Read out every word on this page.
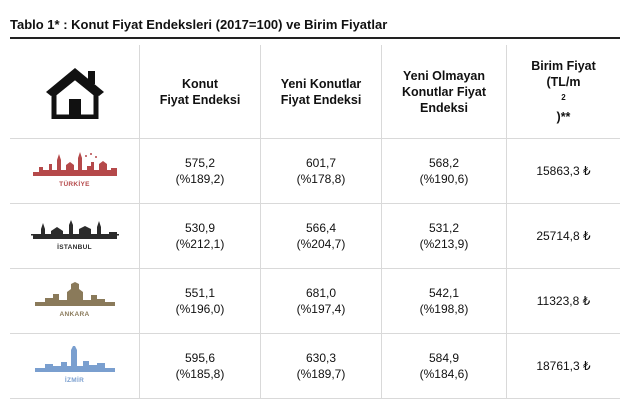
Tablo 1* : Konut Fiyat Endeksleri (2017=100) ve Birim Fiyatlar
Konut
Fiyat Endeksi
Yeni Konutlar
Fiyat Endeksi
Yeni Olmayan
Konutlar Fiyat
Endeksi
Birim Fiyat
(TL/m
$^2$
)**
TÜRKİYE
575,2
(%189,2)
601,7
(%178,8)
568,2
(%190,6)
15863,3 ₺
İSTANBUL
530,9
(%212,1)
566,4
(%204,7)
531,2
(%213,9)
25714,8 ₺
ANKARA
551,1
(%196,0)
681,0
(%197,4)
542,1
(%198,8)
11323,8 ₺
İZMİR
595,6
(%185,8)
630,3
(%189,7)
584,9
(%184,6)
18761,3 ₺
